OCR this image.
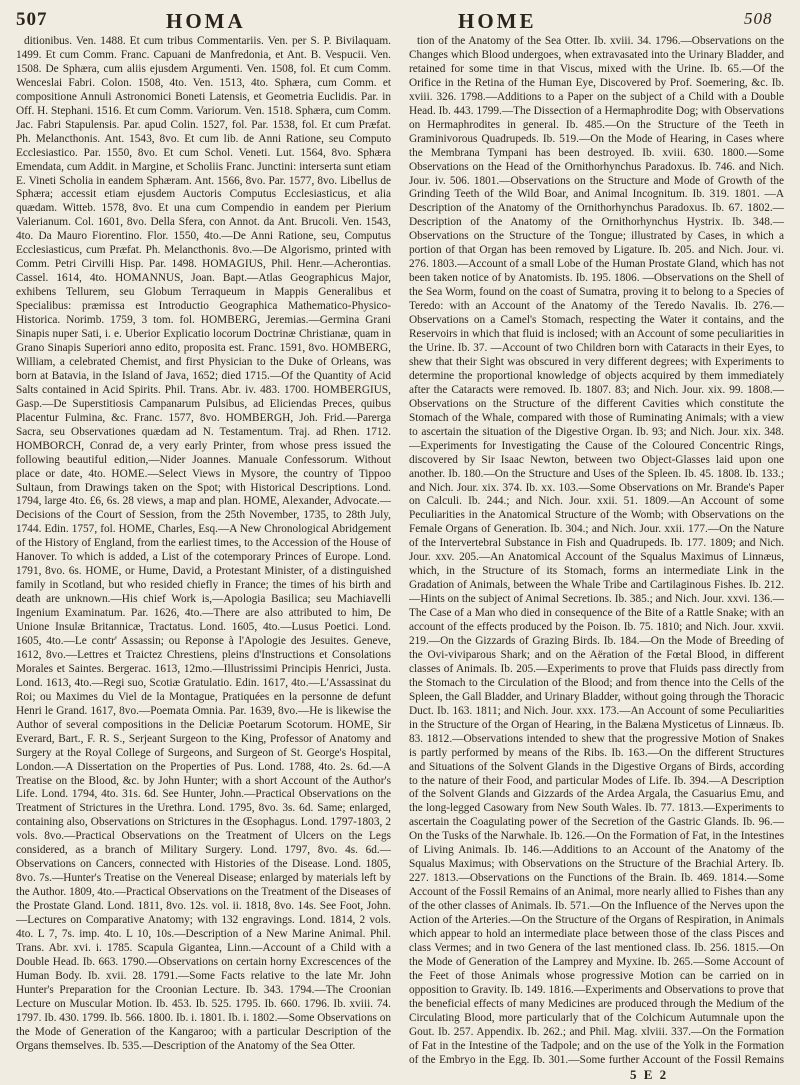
507	HOMA	HOME	508
ditionibus. Ven. 1488. Et cum tribus Commentariis. Ven. per S. P. Bivilaquam. 1499. Et cum Comm. Franc. Capuani de Manfredonia, et Ant. B. Vespucii. Ven. 1508. De Sphæra, cum aliis ejusdem Argumenti. Ven. 1508, fol. Et cum Comm. Wenceslai Fabri. Colon. 1508, 4to. Ven. 1513, 4to. Sphæra, cum Comm. et compositione Annuli Astronomici Boneti Latensis, et Geometria Euclidis. Par. in Off. H. Stephani. 1516. Et cum Comm. Variorum. Ven. 1518. Sphæra, cum Comm. Jac. Fabri Stapulensis. Par. apud Colin. 1527, fol. Par. 1538, fol. Et cum Præfat. Ph. Melancthonis. Ant. 1543, 8vo. Et cum lib. de Anni Ratione, seu Computo Ecclesiastico. Par. 1550, 8vo. Et cum Schol. Veneti. Lut. 1564, 8vo. Sphæra Emendata, cum Addit. in Margine, et Scholiis Franc. Junctini: interserta sunt etiam E. Vineti Scholia in eandem Sphæram. Ant. 1566, 8vo. Par. 1577, 8vo. Libellus de Sphæra; accessit etiam ejusdem Auctoris Computus Ecclesiasticus, et alia quædam. Witteb. 1578, 8vo. Et una cum Compendio in eandem per Pierium Valerianum. Col. 1601, 8vo. Della Sfera, con Annot. da Ant. Brucoli. Ven. 1543, 4to. Da Mauro Fiorentino. Flor. 1550, 4to.—De Anni Ratione, seu, Computus Ecclesiasticus, cum Præfat. Ph. Melancthonis. 8vo.—De Algorismo, printed with Comm. Petri Cirvilli Hisp. Par. 1498. HOMAGIUS, Phil. Henr.—Acherontias. Cassel. 1614, 4to. HOMANNUS, Joan. Bapt.—Atlas Geographicus Major, exhibens Tellurem, seu Globum Terraqueum in Mappis Generalibus et Specialibus: præmissa est Introductio Geographica Mathematico-Physico-Historica. Norimb. 1759, 3 tom. fol. HOMBERG, Jeremias.—Germina Grani Sinapis nuper Sati, i. e. Uberior Explicatio locorum Doctrinæ Christianæ, quam in Grano Sinapis Superiori anno edito, proposita est. Franc. 1591, 8vo. HOMBERG, William, a celebrated Chemist, and first Physician to the Duke of Orleans, was born at Batavia, in the Island of Java, 1652; died 1715.—Of the Quantity of Acid Salts contained in Acid Spirits. Phil. Trans. Abr. iv. 483. 1700. HOMBERGIUS, Gasp.—De Superstitiosis Campanarum Pulsibus, ad Eliciendas Preces, quibus Placentur Fulmina, &c. Franc. 1577, 8vo. HOMBERGH, Joh. Frid.—Parerga Sacra, seu Observationes quædam ad N. Testamentum. Traj. ad Rhen. 1712. HOMBORCH, Conrad de, a very early Printer, from whose press issued the following beautiful edition,—Nider Joannes. Manuale Confessorum. Without place or date, 4to. HOME.—Select Views in Mysore, the country of Tippoo Sultaun, from Drawings taken on the Spot; with Historical Descriptions. Lond. 1794, large 4to. £6, 6s. 28 views, a map and plan. HOME, Alexander, Advocate.—Decisions of the Court of Session, from the 25th November, 1735, to 28th July, 1744. Edin. 1757, fol. HOME, Charles, Esq.—A New Chronological Abridgement of the History of England, from the earliest times, to the Accession of the House of Hanover. To which is added, a List of the cotemporary Princes of Europe. Lond. 1791, 8vo. 6s. HOME, or Hume, David, a Protestant Minister, of a distinguished family in Scotland, but who resided chiefly in France; the times of his birth and death are unknown.—His chief Work is,—Apologia Basilica; seu Machiavelli Ingenium Examinatum. Par. 1626, 4to.—There are also attributed to him, De Unione Insulæ Britannicæ, Tractatus. Lond. 1605, 4to.—Lusus Poetici. Lond. 1605, 4to.—Le contr' Assassin; ou Reponse à l'Apologie des Jesuites. Geneve, 1612, 8vo.—Lettres et Traictez Chrestiens, pleins d'Instructions et Consolations Morales et Saintes. Bergerac. 1613, 12mo.—Illustrissimi Principis Henrici, Justa. Lond. 1613, 4to.—Regi suo, Scotiæ Gratulatio. Edin. 1617, 4to.—L'Assassinat du Roi; ou Maximes du Viel de la Montague, Pratiquées en la personne de defunt Henri le Grand. 1617, 8vo.—Poemata Omnia. Par. 1639, 8vo.—He is likewise the Author of several compositions in the Deliciæ Poetarum Scotorum. HOME, Sir Everard, Bart., F. R. S., Serjeant Surgeon to the King, Professor of Anatomy and Surgery at the Royal College of Surgeons, and Surgeon of St. George's Hospital, London.—A Dissertation on the Properties of Pus. Lond. 1788, 4to. 2s. 6d.—A Treatise on the Blood, &c. by John Hunter; with a short Account of the Author's Life. Lond. 1794, 4to. 31s. 6d. See Hunter, John.—Practical Observations on the Treatment of Strictures in the Urethra. Lond. 1795, 8vo. 3s. 6d. Same; enlarged, containing also, Observations on Strictures in the Œsophagus. Lond. 1797-1803, 2 vols. 8vo.—Practical Observations on the Treatment of Ulcers on the Legs considered, as a branch of Military Surgery. Lond. 1797, 8vo. 4s. 6d.—Observations on Cancers, connected with Histories of the Disease. Lond. 1805, 8vo. 7s.—Hunter's Treatise on the Venereal Disease; enlarged by materials left by the Author. 1809, 4to.—Practical Observations on the Treatment of the Diseases of the Prostate Gland. Lond. 1811, 8vo. 12s. vol. ii. 1818, 8vo. 14s. See Foot, John.—Lectures on Comparative Anatomy; with 132 engravings. Lond. 1814, 2 vols. 4to. L 7, 7s. imp. 4to. L 10, 10s.—Description of a New Marine Animal. Phil. Trans. Abr. xvi. i. 1785. Scapula Gigantea, Linn.—Account of a Child with a Double Head. Ib. 663. 1790.—Observations on certain horny Excrescences of the Human Body. Ib. xvii. 28. 1791.—Some Facts relative to the late Mr. John Hunter's Preparation for the Croonian Lecture. Ib. 343. 1794.—The Croonian Lecture on Muscular Motion. Ib. 453. Ib. 525. 1795. Ib. 660. 1796. Ib. xviii. 74. 1797. Ib. 430. 1799. Ib. 566. 1800. Ib. i. 1801. Ib. i. 1802.—Some Observations on the Mode of Generation of the Kangaroo; with a particular Description of the Organs themselves. Ib. 535.—Description of the Anatomy of the Sea Otter.
tion of the Anatomy of the Sea Otter. Ib. xviii. 34. 1796.—Observations on the Changes which Blood undergoes, when extravasated into the Urinary Bladder, and retained for some time in that Viscus, mixed with the Urine. Ib. 65.—Of the Orifice in the Retina of the Human Eye, Discovered by Prof. Soemering, &c. Ib. xviii. 326. 1798.—Additions to a Paper on the subject of a Child with a Double Head. Ib. 443. 1799.—The Dissection of a Hermaphrodite Dog; with Observations on Hermaphrodites in general. Ib. 485.—On the Structure of the Teeth in Graminivorous Quadrupeds. Ib. 519.—On the Mode of Hearing, in Cases where the Membrana Tympani has been destroyed. Ib. xviii. 630. 1800.—Some Observations on the Head of the Ornithorhynchus Paradoxus. Ib. 746. and Nich. Jour. iv. 506. 1801.—Observations on the Structure and Mode of Growth of the Grinding Teeth of the Wild Boar, and Animal Incognitum. Ib. 319. 1801. —A Description of the Anatomy of the Ornithorhynchus Paradoxus. Ib. 67. 1802.—Description of the Anatomy of the Ornithorhynchus Hystrix. Ib. 348.—Observations on the Structure of the Tongue; illustrated by Cases, in which a portion of that Organ has been removed by Ligature. Ib. 205. and Nich. Jour. vi. 276. 1803.—Account of a small Lobe of the Human Prostate Gland, which has not been taken notice of by Anatomists. Ib. 195. 1806. —Observations on the Shell of the Sea Worm, found on the coast of Sumatra, proving it to belong to a Species of Teredo: with an Account of the Anatomy of the Teredo Navalis. Ib. 276.—Observations on a Camel's Stomach, respecting the Water it contains, and the Reservoirs in which that fluid is inclosed; with an Account of some peculiarities in the Urine. Ib. 37. —Account of two Children born with Cataracts in their Eyes, to shew that their Sight was obscured in very different degrees; with Experiments to determine the proportional knowledge of objects acquired by them immediately after the Cataracts were removed. Ib. 1807. 83; and Nich. Jour. xix. 99. 1808.—Observations on the Structure of the different Cavities which constitute the Stomach of the Whale, compared with those of Ruminating Animals; with a view to ascertain the situation of the Digestive Organ. Ib. 93; and Nich. Jour. xix. 348.—Experiments for Investigating the Cause of the Coloured Concentric Rings, discovered by Sir Isaac Newton, between two Object-Glasses laid upon one another. Ib. 180.—On the Structure and Uses of the Spleen. Ib. 45. 1808. Ib. 133.; and Nich. Jour. xix. 374. Ib. xx. 103.—Some Observations on Mr. Brande's Paper on Calculi. Ib. 244.; and Nich. Jour. xxii. 51. 1809.—An Account of some Peculiarities in the Anatomical Structure of the Womb; with Observations on the Female Organs of Generation. Ib. 304.; and Nich. Jour. xxii. 177.—On the Nature of the Intervertebral Substance in Fish and Quadrupeds. Ib. 177. 1809; and Nich. Jour. xxv. 205.—An Anatomical Account of the Squalus Maximus of Linnæus, which, in the Structure of its Stomach, forms an intermediate Link in the Gradation of Animals, between the Whale Tribe and Cartilaginous Fishes. Ib. 212.—Hints on the subject of Animal Secretions. Ib. 385.; and Nich. Jour. xxvi. 136.—The Case of a Man who died in consequence of the Bite of a Rattle Snake; with an account of the effects produced by the Poison. Ib. 75. 1810; and Nich. Jour. xxvii. 219.—On the Gizzards of Grazing Birds. Ib. 184.—On the Mode of Breeding of the Ovi-viviparous Shark; and on the Aëration of the Fœtal Blood, in different classes of Animals. Ib. 205.—Experiments to prove that Fluids pass directly from the Stomach to the Circulation of the Blood; and from thence into the Cells of the Spleen, the Gall Bladder, and Urinary Bladder, without going through the Thoracic Duct. Ib. 163. 1811; and Nich. Jour. xxx. 173.—An Account of some Peculiarities in the Structure of the Organ of Hearing, in the Balæna Mysticetus of Linnæus. Ib. 83. 1812.—Observations intended to shew that the progressive Motion of Snakes is partly performed by means of the Ribs. Ib. 163.—On the different Structures and Situations of the Solvent Glands in the Digestive Organs of Birds, according to the nature of their Food, and particular Modes of Life. Ib. 394.—A Description of the Solvent Glands and Gizzards of the Ardea Argala, the Casuarius Emu, and the long-legged Casowary from New South Wales. Ib. 77. 1813.—Experiments to ascertain the Coagulating power of the Secretion of the Gastric Glands. Ib. 96.—On the Tusks of the Narwhale. Ib. 126.—On the Formation of Fat, in the Intestines of Living Animals. Ib. 146.—Additions to an Account of the Anatomy of the Squalus Maximus; with Observations on the Structure of the Brachial Artery. Ib. 227. 1813.—Observations on the Functions of the Brain. Ib. 469. 1814.—Some Account of the Fossil Remains of an Animal, more nearly allied to Fishes than any of the other classes of Animals. Ib. 571.—On the Influence of the Nerves upon the Action of the Arteries.—On the Structure of the Organs of Respiration, in Animals which appear to hold an intermediate place between those of the class Pisces and class Vermes; and in two Genera of the last mentioned class. Ib. 256. 1815.—On the Mode of Generation of the Lamprey and Myxine. Ib. 265.—Some Account of the Feet of those Animals whose progressive Motion can be carried on in opposition to Gravity. Ib. 149. 1816.—Experiments and Observations to prove that the beneficial effects of many Medicines are produced through the Medium of the Circulating Blood, more particularly that of the Colchicum Autumnale upon the Gout. Ib. 257. Appendix. Ib. 262.; and Phil. Mag. xlviii. 337.—On the Formation of Fat in the Intestine of the Tadpole; and on the use of the Yolk in the Formation of the Embryo in the Egg. Ib. 301.—Some further Account of the Fossil Remains
5 E 2
